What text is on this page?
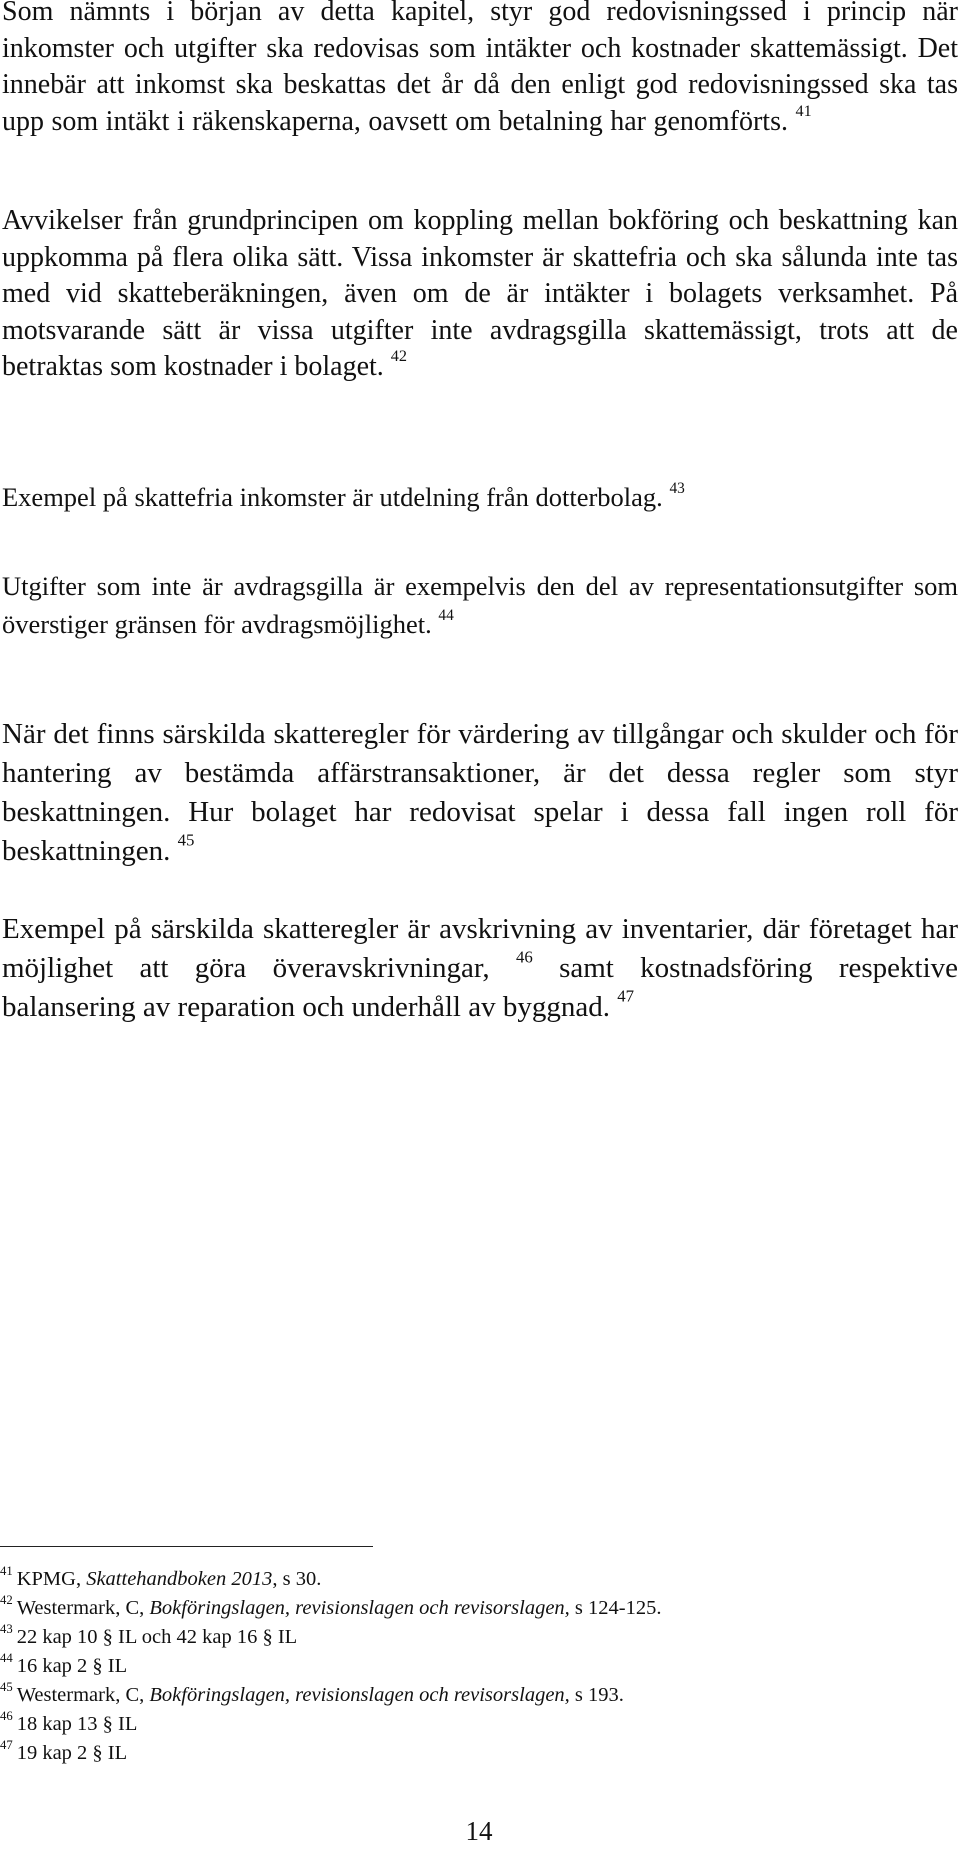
Som nämnts i början av detta kapitel, styr god redovisningssed i princip när inkomster och utgifter ska redovisas som intäkter och kostnader skattemässigt. Det innebär att inkomst ska beskattas det år då den enligt god redovisningssed ska tas upp som intäkt i räkenskaperna, oavsett om betalning har genomförts. $^{41}$

Avvikelser från grundprincipen om koppling mellan bokföring och beskattning kan uppkomma på flera olika sätt. Vissa inkomster är skattefria och ska sålunda inte tas med vid skatteberäkningen, även om de är intäkter i bolagets verksamhet. På motsvarande sätt är vissa utgifter inte avdragsgilla skattemässigt, trots att de betraktas som kostnader i bolaget. $^{42}$

Exempel på skattefria inkomster är utdelning från dotterbolag. $^{43}$

Utgifter som inte är avdragsgilla är exempelvis den del av representationsutgifter som överstiger gränsen för avdragsmöjlighet. $^{44}$

När det finns särskilda skatteregler för värdering av tillgångar och skulder och för hantering av bestämda affärstransaktioner, är det dessa regler som styr beskattningen. Hur bolaget har redovisat spelar i dessa fall ingen roll för beskattningen. $^{45}$

Exempel på särskilda skatteregler är avskrivning av inventarier, där företaget har möjlighet att göra överavskrivningar, $^{46}$ samt kostnadsföring respektive balansering av reparation och underhåll av byggnad. $^{47}$

$^{41}$ KPMG, Skattehandboken 2013, s 30.
$^{42}$ Westermark, C, Bokföringslagen, revisionslagen och revisorslagen, s 124-125.
$^{43}$ 22 kap 10 § IL och 42 kap 16 § IL
$^{44}$ 16 kap 2 § IL
$^{45}$ Westermark, C, Bokföringslagen, revisionslagen och revisorslagen, s 193.
$^{46}$ 18 kap 13 § IL
$^{47}$ 19 kap 2 § IL
14
